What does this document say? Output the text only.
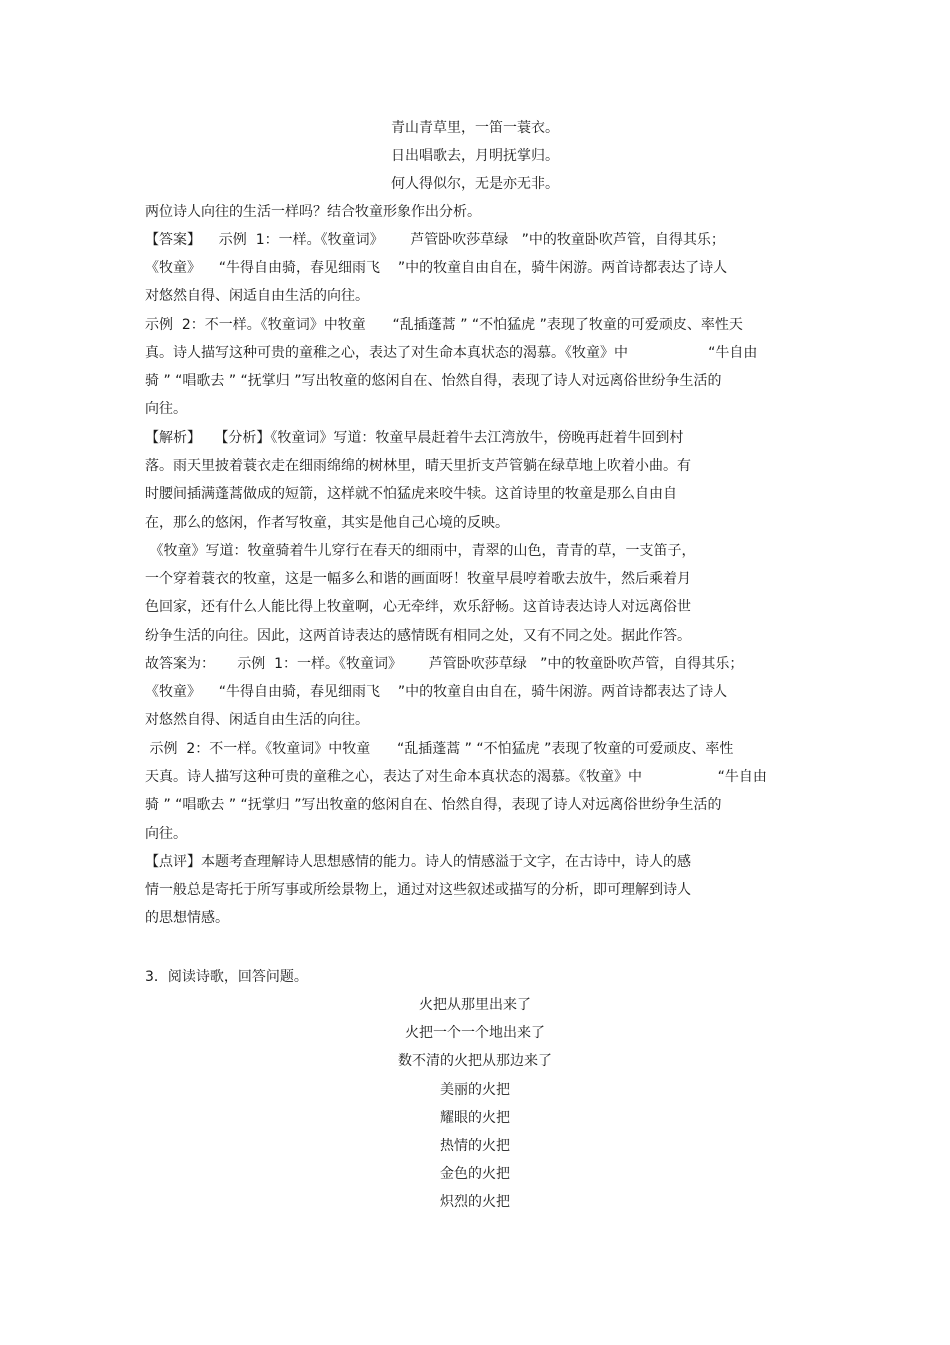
青山青草里，一笛一蓑衣。

日出唱歌去，月明抚掌归。

何人得似尔，无是亦无非。

两位诗人向往的生活一样吗？结合牧童形象作出分析。

【答案】    示例  1：一样。《牧童词》      芦管卧吹莎草绿   ”中的牧童卧吹芦管，自得其乐；

《牧童》    “牛得自由骑，春见细雨飞    ”中的牧童自由自在，骑牛闲游。两首诗都表达了诗人

对悠然自得、闲适自由生活的向往。

示例  2：不一样。《牧童词》中牧童      “乱插蓬蒿 ” “不怕猛虎 ”表现了牧童的可爱顽皮、率性天

真。诗人描写这种可贵的童稚之心，表达了对生命本真状态的渴慕。《牧童》中                  “牛自由

骑 ” “唱歌去 ” “抚掌归 ”写出牧童的悠闲自在、怡然自得，表现了诗人对远离俗世纷争生活的

向往。

【解析】   【分析】《牧童词》写道：牧童早晨赶着牛去江湾放牛，傍晚再赶着牛回到村

落。雨天里披着蓑衣走在细雨绵绵的树林里，晴天里折支芦管躺在绿草地上吹着小曲。有

时腰间插满蓬蒿做成的短箭，这样就不怕猛虎来咬牛犊。这首诗里的牧童是那么自由自

在，那么的悠闲，作者写牧童，其实是他自己心境的反映。

《牧童》写道：牧童骑着牛儿穿行在春天的细雨中，青翠的山色，青青的草，一支笛子，

一个穿着蓑衣的牧童，这是一幅多么和谐的画面呀！牧童早晨哼着歌去放牛，然后乘着月

色回家，还有什么人能比得上牧童啊，心无牵绊，欢乐舒畅。这首诗表达诗人对远离俗世

纷争生活的向往。因此，这两首诗表达的感情既有相同之处，又有不同之处。据此作答。

故答案为：     示例  1：一样。《牧童词》      芦管卧吹莎草绿   ”中的牧童卧吹芦管，自得其乐；

《牧童》    “牛得自由骑，春见细雨飞    ”中的牧童自由自在，骑牛闲游。两首诗都表达了诗人

对悠然自得、闲适自由生活的向往。

示例  2：不一样。《牧童词》中牧童      “乱插蓬蒿 ” “不怕猛虎 ”表现了牧童的可爱顽皮、率性

天真。诗人描写这种可贵的童稚之心，表达了对生命本真状态的渴慕。《牧童》中                 “牛自由

骑 ” “唱歌去 ” “抚掌归 ”写出牧童的悠闲自在、怡然自得，表现了诗人对远离俗世纷争生活的

向往。

【点评】本题考查理解诗人思想感情的能力。诗人的情感溢于文字，在古诗中，诗人的感

情一般总是寄托于所写事或所绘景物上，通过对这些叙述或描写的分析，即可理解到诗人

的思想情感。

3．阅读诗歌，回答问题。

火把从那里出来了

火把一个一个地出来了

数不清的火把从那边来了

美丽的火把

耀眼的火把

热情的火把

金色的火把

炽烈的火把
